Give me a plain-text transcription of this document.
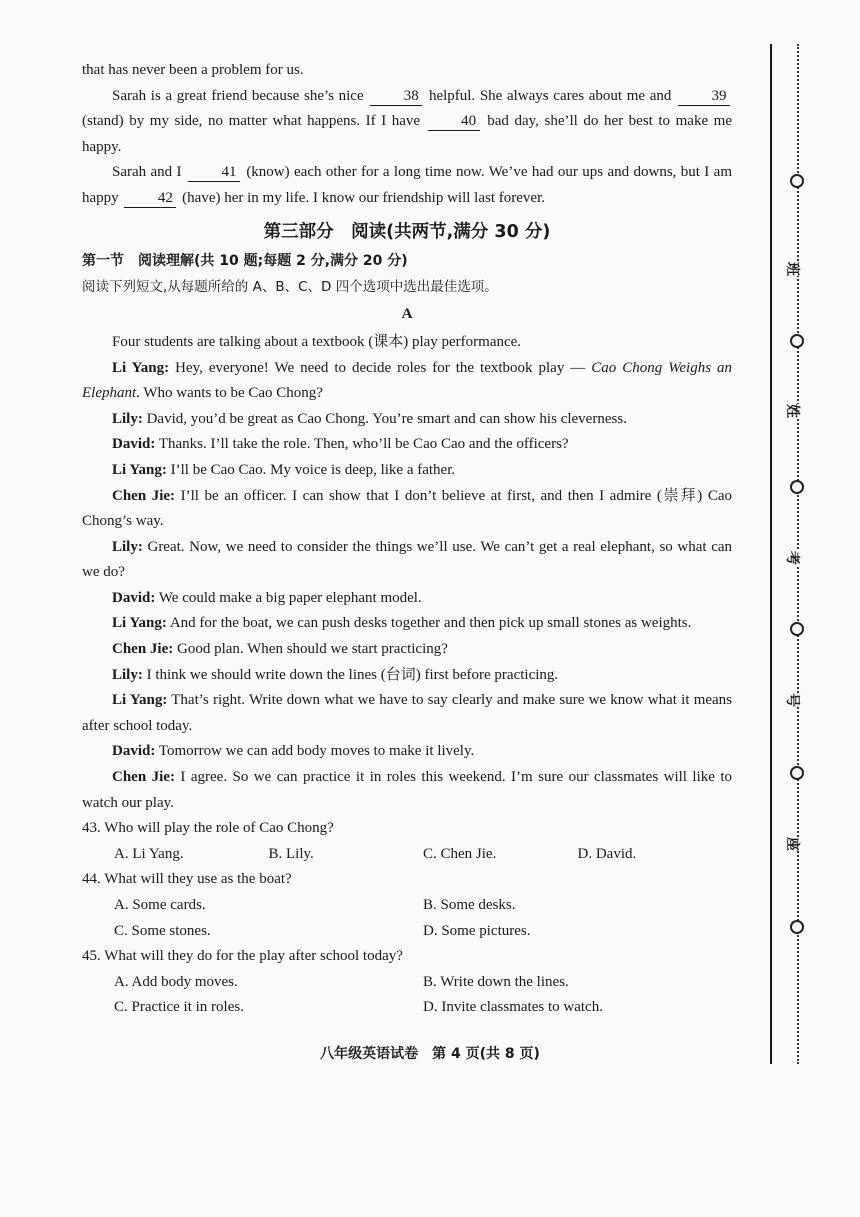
that has never been a problem for us.

Sarah is a great friend because she’s nice	38 helpful. She always cares about me and	39 (stand) by my side, no matter what happens. If I have	40 bad day, she’ll do her best to make me happy.

Sarah and I	41 (know) each other for a long time now. We’ve had our ups and downs, but I am happy	42 (have) her in my life. I know our friendship will last forever.

第三部分　阅读(共两节,满分 30 分)
第一节　阅读理解(共 10 题;每题 2 分,满分 20 分)
阅读下列短文,从每题所给的 A、B、C、D 四个选项中选出最佳选项。
A

Four students are talking about a textbook (课本) play performance.

Li Yang: Hey, everyone! We need to decide roles for the textbook play — Cao Chong Weighs an Elephant. Who wants to be Cao Chong?

Lily: David, you’d be great as Cao Chong. You’re smart and can show his cleverness.

David: Thanks. I’ll take the role. Then, who’ll be Cao Cao and the officers?

Li Yang: I’ll be Cao Cao. My voice is deep, like a father.

Chen Jie: I’ll be an officer. I can show that I don’t believe at first, and then I admire (崇拜) Cao Chong’s way.

Lily: Great. Now, we need to consider the things we’ll use. We can’t get a real elephant, so what can we do?

David: We could make a big paper elephant model.

Li Yang: And for the boat, we can push desks together and then pick up small stones as weights.

Chen Jie: Good plan. When should we start practicing?

Lily: I think we should write down the lines (台词) first before practicing.

Li Yang: That’s right. Write down what we have to say clearly and make sure we know what it means after school today.

David: Tomorrow we can add body moves to make it lively.

Chen Jie: I agree. So we can practice it in roles this weekend. I’m sure our classmates will like to watch our play.

43. Who will play the role of Cao Chong?

A. Li Yang.	B. Lily.	C. Chen Jie.	D. David.

44. What will they use as the boat?

A. Some cards.	B. Some desks.
C. Some stones.	D. Some pictures.

45. What will they do for the play after school today?

A. Add body moves.	B. Write down the lines.
C. Practice it in roles.	D. Invite classmates to watch.
八年级英语试卷　第 4 页(共 8 页)
班
姓
考
号
座
